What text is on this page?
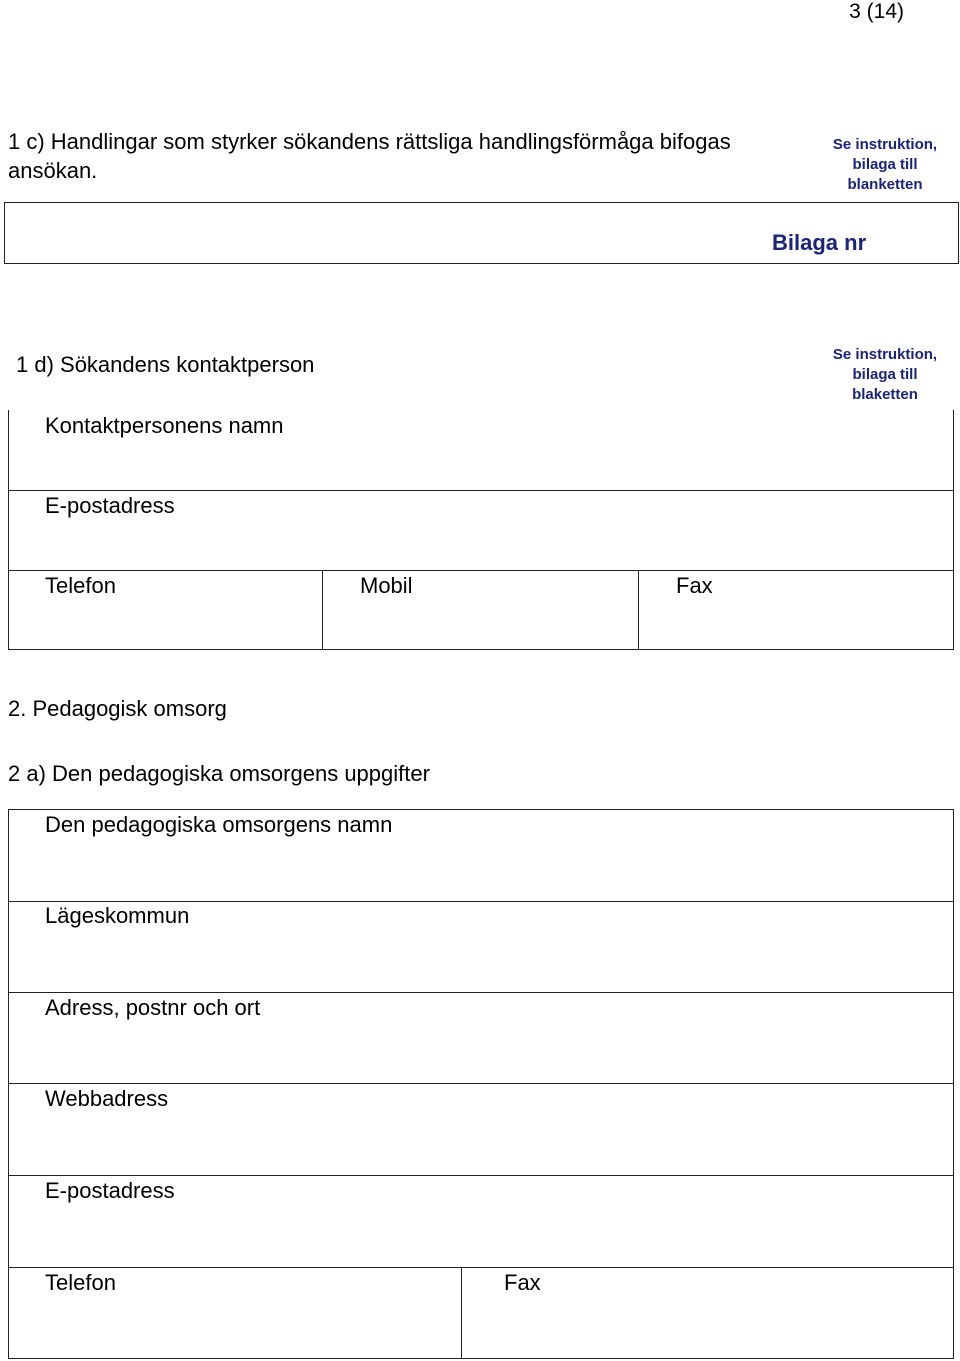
3 (14)
1 c) Handlingar som styrker sökandens rättsliga handlingsförmåga bifogas
ansökan.
Se instruktion,
bilaga till
blanketten
Bilaga nr
1 d) Sökandens kontaktperson	Se instruktion,
bilaga till
blaketten
Kontaktpersonens namn
E-postadress
Telefon	Mobil	Fax
2. Pedagogisk omsorg
2 a) Den pedagogiska omsorgens uppgifter
Den pedagogiska omsorgens namn
Lägeskommun
Adress, postnr och ort
Webbadress
E-postadress
Telefon	Fax
